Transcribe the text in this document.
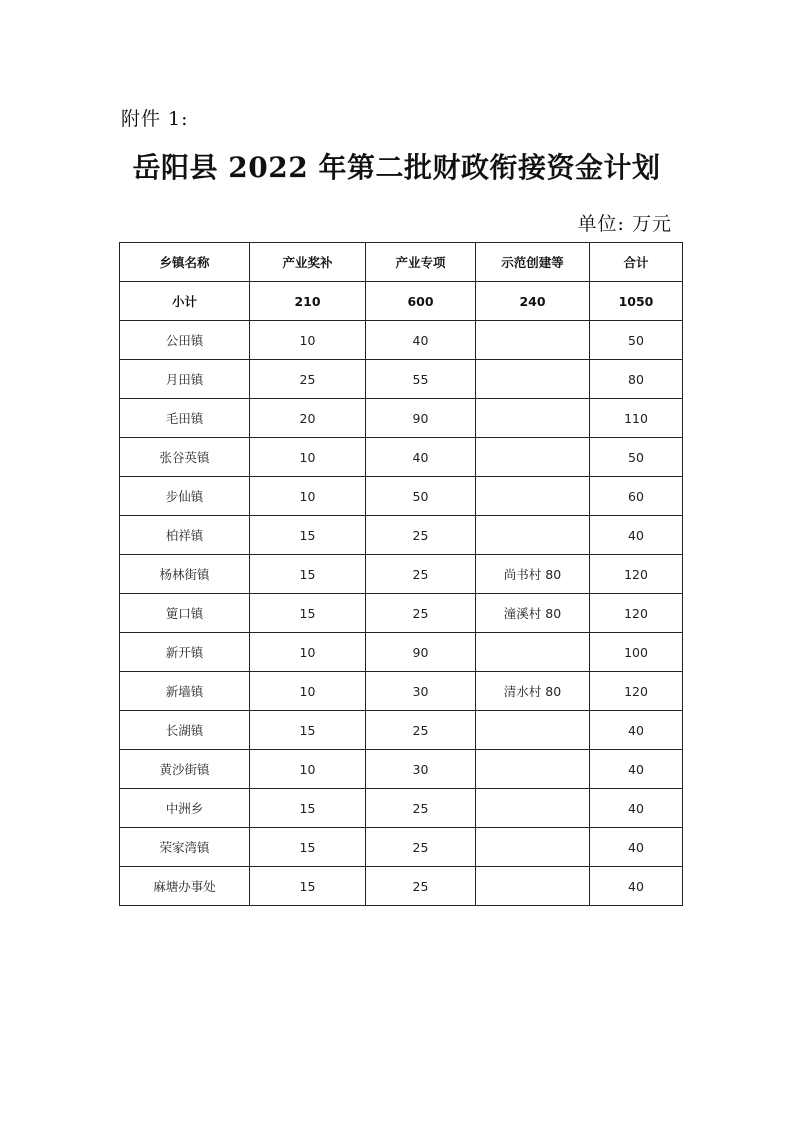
附件 1:
岳阳县 2022 年第二批财政衔接资金计划
单位: 万元
乡镇名称	产业奖补	产业专项	示范创建等	合计
小计	210	600	240	1050
公田镇	10	40		50
月田镇	25	55		80
毛田镇	20	90		110
张谷英镇	10	40		50
步仙镇	10	50		60
柏祥镇	15	25		40
杨林街镇	15	25	尚书村 80	120
筻口镇	15	25	潼溪村 80	120
新开镇	10	90		100
新墙镇	10	30	清水村 80	120
长湖镇	15	25		40
黄沙街镇	10	30		40
中洲乡	15	25		40
荣家湾镇	15	25		40
麻塘办事处	15	25		40
